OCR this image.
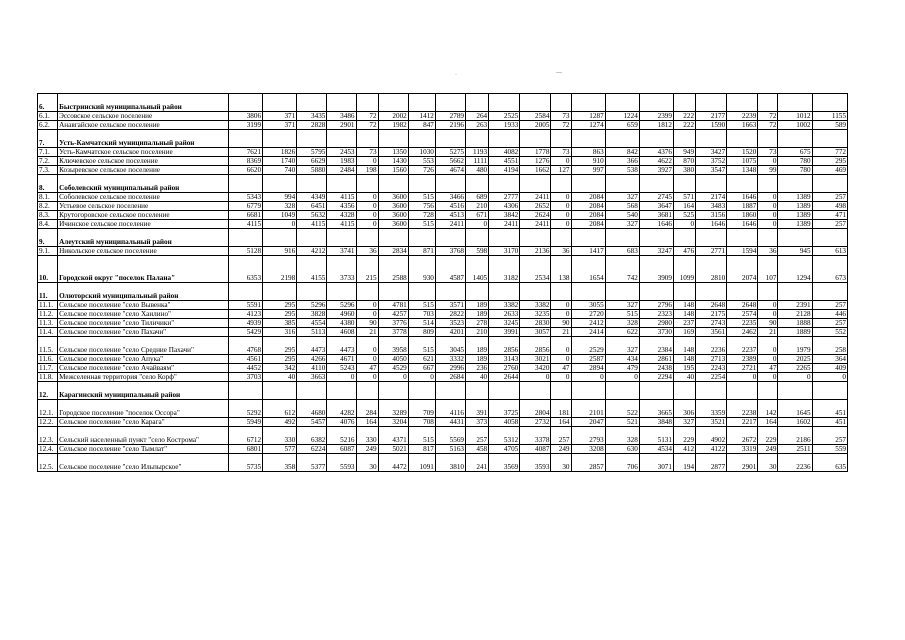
·	—
6.	Быстринский муниципальный район																					
6.1.	Эссовское сельское поселение	3806	371	3435	3486	72	2002	1412	2789	264	2525	2584	73	1287	1224	2399	222	2177	2239	72	1012	1155
6.2.	Анавгайское сельское поселение	3199	371	2828	2901	72	1982	847	2196	263	1933	2005	72	1274	659	1812	222	1590	1663	72	1002	589
7.	Усть-Камчатский муниципальный район																					
7.1.	Усть-Камчатское сельское поселение	7621	1826	5795	2453	73	1350	1030	5275	1193	4082	1778	73	863	842	4376	949	3427	1520	73	675	772
7.2.	Ключевское сельское поселение	8369	1740	6629	1983	0	1430	553	5662	1111	4551	1276	0	910	366	4622	870	3752	1075	0	780	295
7.3.	Козыревское сельское поселение	6620	740	5880	2484	198	1560	726	4674	480	4194	1662	127	997	538	3927	380	3547	1348	99	780	469
8.	Соболевский муниципальный район																					
8.1.	Соболевское сельское поселение	5343	994	4349	4115	0	3600	515	3466	689	2777	2411	0	2084	327	2745	571	2174	1646	0	1389	257
8.2.	Устьевое сельское поселение	6779	328	6451	4356	0	3600	756	4516	210	4306	2652	0	2084	568	3647	164	3483	1887	0	1389	498
8.3.	Крутогоровское сельское поселение	6681	1049	5632	4328	0	3600	728	4513	671	3842	2624	0	2084	540	3681	525	3156	1860	0	1389	471
8.4.	Ичинское сельское поселение	4115	0	4115	4115	0	3600	515	2411	0	2411	2411	0	2084	327	1646	0	1646	1646	0	1389	257
9.	Алеутский муниципальный район																					
9.1.	Никольское сельское поселение	5128	916	4212	3741	36	2834	871	3768	598	3170	2136	36	1417	683	3247	476	2771	1594	36	945	613
10.	Городской округ "поселок Палана"	6353	2198	4155	3733	215	2588	930	4587	1405	3182	2534	138	1654	742	3909	1099	2810	2074	107	1294	673
11.	Олюторский муниципальный район																					
11.1.	Сельское поселение "село Вывенка"	5591	295	5296	5296	0	4781	515	3571	189	3382	3382	0	3055	327	2796	148	2648	2648	0	2391	257
11.2.	Сельское поселение "село Хаилино"	4123	295	3828	4960	0	4257	703	2822	189	2633	3235	0	2720	515	2323	148	2175	2574	0	2128	446
11.3.	Сельское поселение "село Тиличики"	4939	385	4554	4380	90	3776	514	3523	278	3245	2830	90	2412	328	2980	237	2743	2235	90	1888	257
11.4.	Сельское поселение "село Пахачи"	5429	316	5113	4608	21	3778	809	4201	210	3991	3057	21	2414	622	3730	169	3561	2462	21	1889	552
11.5.	Сельское поселение "село Средние Пахачи"	4768	295	4473	4473	0	3958	515	3045	189	2856	2856	0	2529	327	2384	148	2236	2237	0	1979	258
11.6.	Сельское поселение "село Апука"	4561	295	4266	4671	0	4050	621	3332	189	3143	3021	0	2587	434	2861	148	2713	2389	0	2025	364
11.7.	Сельское поселение "село Ачайваям"	4452	342	4110	5243	47	4529	667	2996	236	2760	3420	47	2894	479	2438	195	2243	2721	47	2265	409
11.8.	Межселенная территория "село Корф"	3703	40	3663	0	0	0	0	2684	40	2644	0	0	0	0	2294	40	2254	0	0	0	0
12.	Карагинский муниципальный район																					
12.1.	Городское поселение "поселок Оссора"	5292	612	4680	4282	284	3289	709	4116	391	3725	2804	181	2101	522	3665	306	3359	2238	142	1645	451
12.2.	Сельское поселение "село Карага"	5949	492	5457	4076	164	3204	708	4431	373	4058	2732	164	2047	521	3848	327	3521	2217	164	1602	451
12.3.	Сельский населенный пункт "село Кострома"	6712	330	6382	5216	330	4371	515	5569	257	5312	3378	257	2793	328	5131	229	4902	2672	229	2186	257
12.4.	Сельское поселение "село Тымлат"	6801	577	6224	6087	249	5021	817	5163	458	4705	4087	249	3208	630	4534	412	4122	3319	249	2511	559
12.5.	Сельское поселение "село Ильпырское"	5735	358	5377	5593	30	4472	1091	3810	241	3569	3593	30	2857	706	3071	194	2877	2901	30	2236	635
